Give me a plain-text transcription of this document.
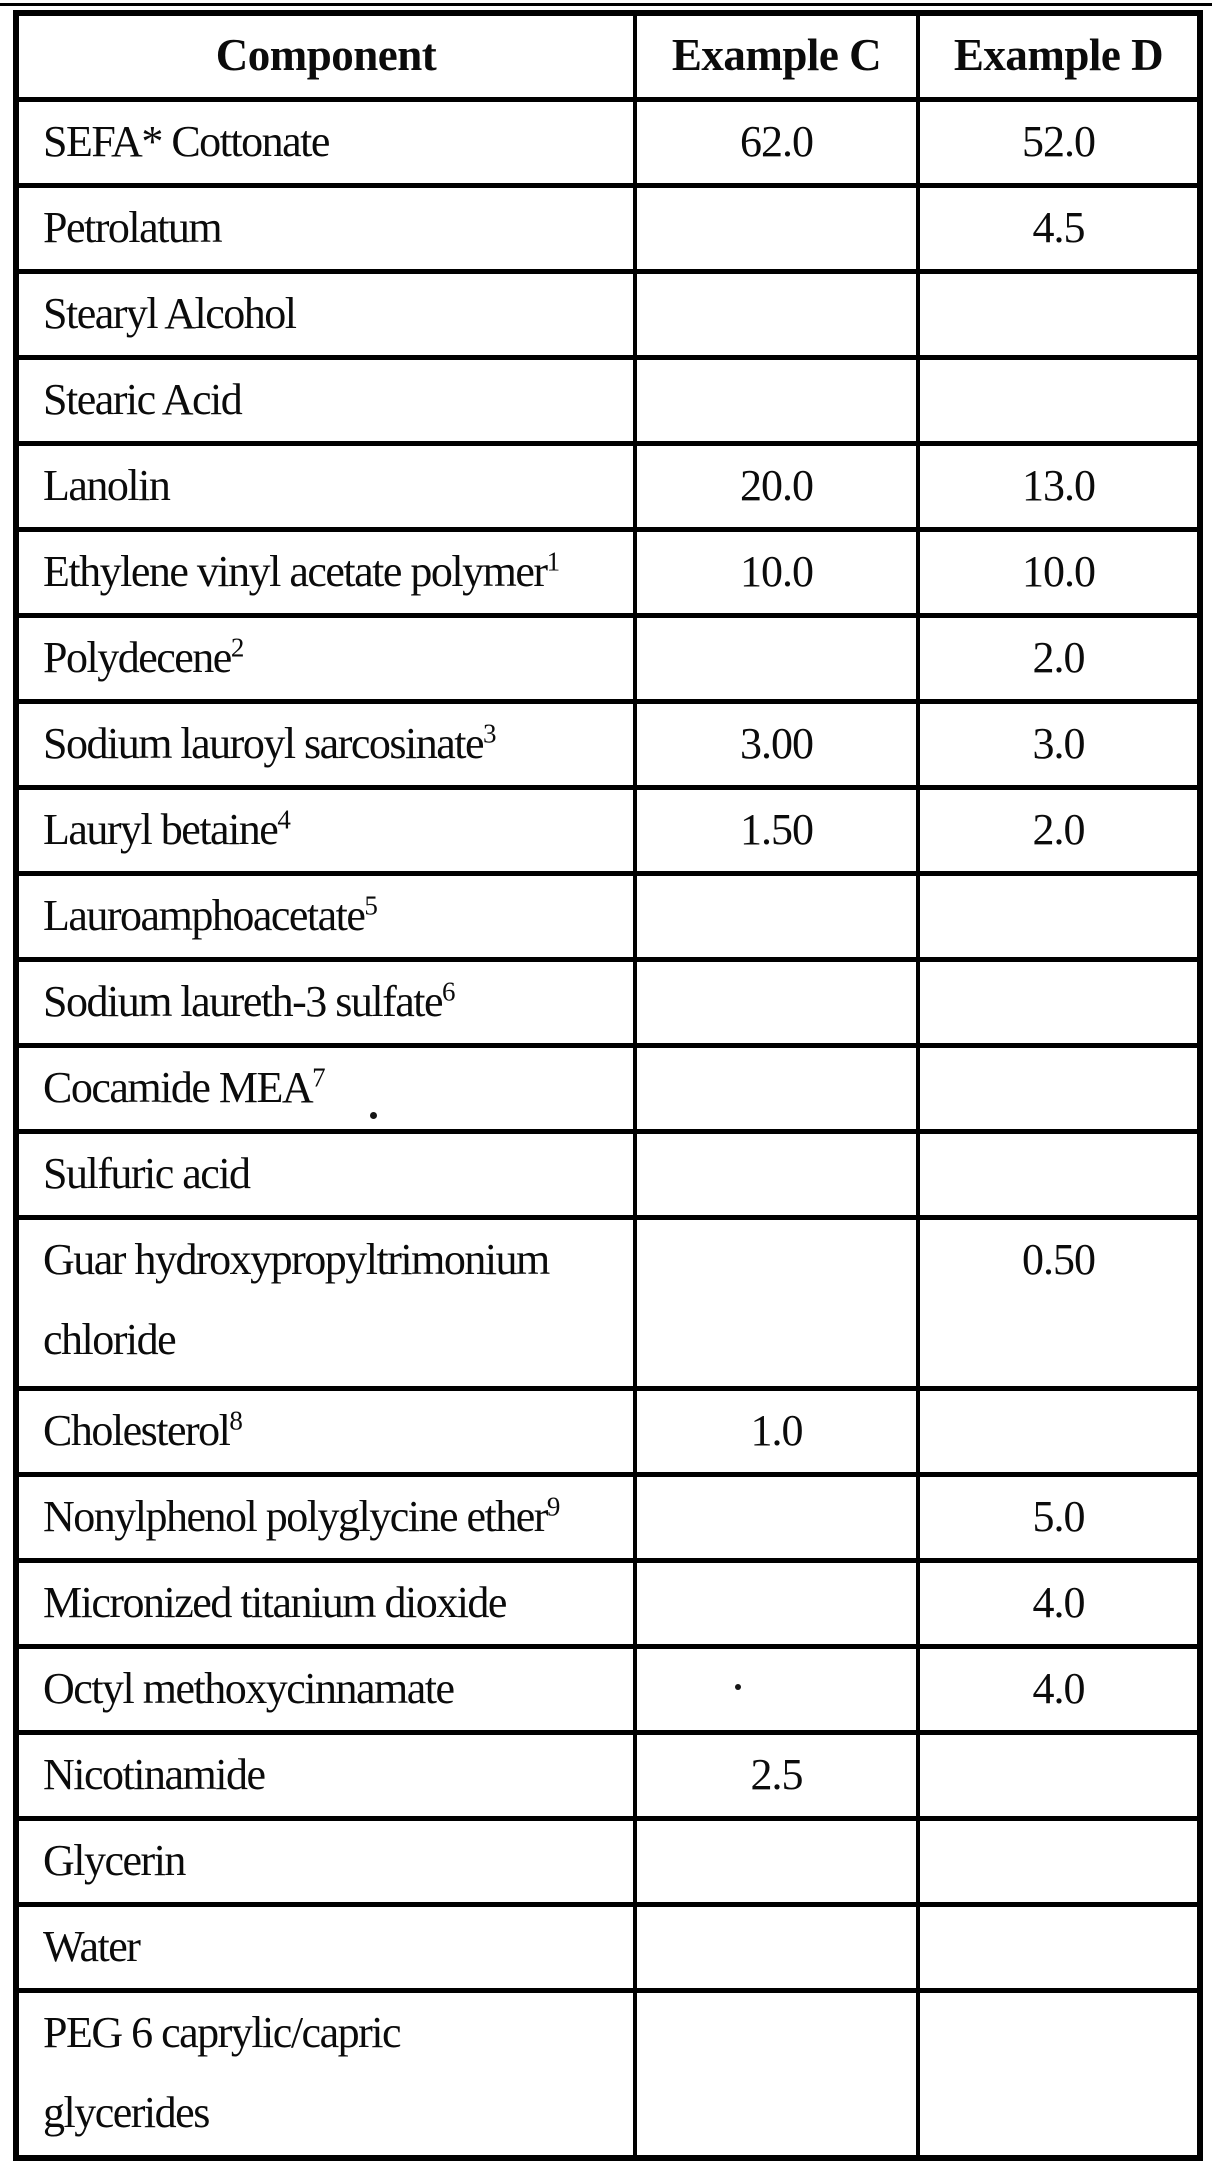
Component	Example C	Example D
SEFA* Cottonate	62.0	52.0
Petrolatum		4.5
Stearyl Alcohol		
Stearic Acid		
Lanolin	20.0	13.0
Ethylene vinyl acetate polymer$^1$	10.0	10.0
Polydecene$^2$		2.0
Sodium lauroyl sarcosinate$^3$	3.00	3.0
Lauryl betaine$^4$	1.50	2.0
Lauroamphoacetate$^5$		
Sodium laureth-3 sulfate$^6$		
Cocamide MEA$^7$		
Sulfuric acid		
Guar hydroxypropyltrimonium
chloride		0.50
Cholesterol$^8$	1.0	
Nonylphenol polyglycine ether$^9$		5.0
Micronized titanium dioxide		4.0
Octyl methoxycinnamate		4.0
Nicotinamide	2.5	
Glycerin		
Water		
PEG 6 caprylic/capric
glycerides		
